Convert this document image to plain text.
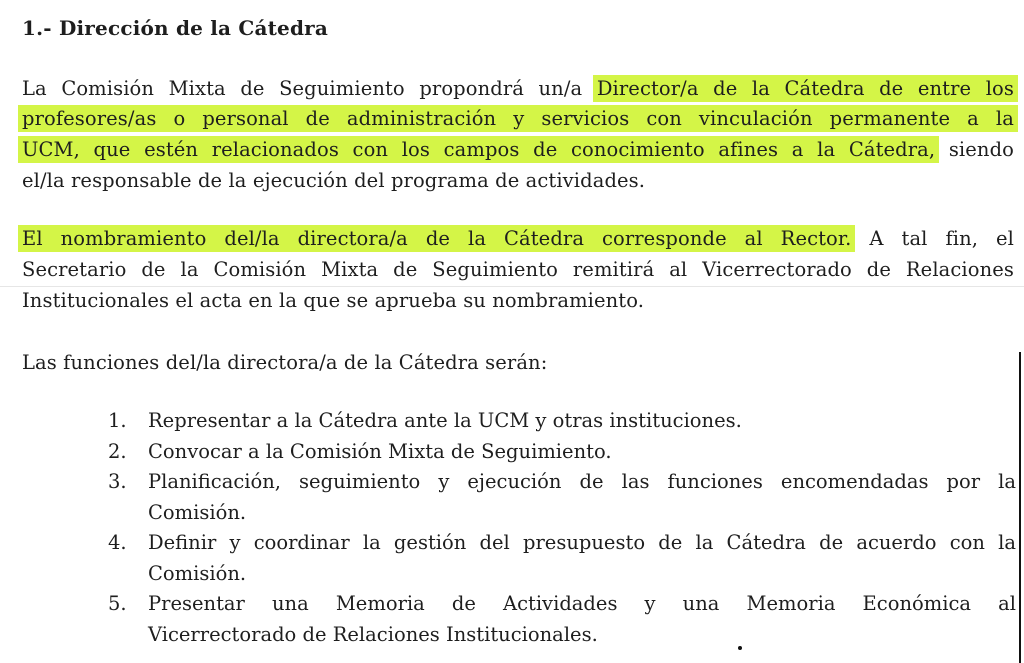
1.- Dirección de la Cátedra
La Comisión Mixta de Seguimiento propondrá un/a Director/a de la Cátedra de entre los
profesores/as o personal de administración y servicios con vinculación permanente a la
UCM, que estén relacionados con los campos de conocimiento afines a la Cátedra, siendo
el/la responsable de la ejecución del programa de actividades.
El nombramiento del/la directora/a de la Cátedra corresponde al Rector. A tal fin, el
Secretario de la Comisión Mixta de Seguimiento remitirá al Vicerrectorado de Relaciones
Institucionales el acta en la que se aprueba su nombramiento.
Las funciones del/la directora/a de la Cátedra serán:
1. Representar a la Cátedra ante la UCM y otras instituciones.
2. Convocar a la Comisión Mixta de Seguimiento.
3. Planificación, seguimiento y ejecución de las funciones encomendadas por la
Comisión.
4. Definir y coordinar la gestión del presupuesto de la Cátedra de acuerdo con la
Comisión.
5. Presentar una Memoria de Actividades y una Memoria Económica al
Vicerrectorado de Relaciones Institucionales.
